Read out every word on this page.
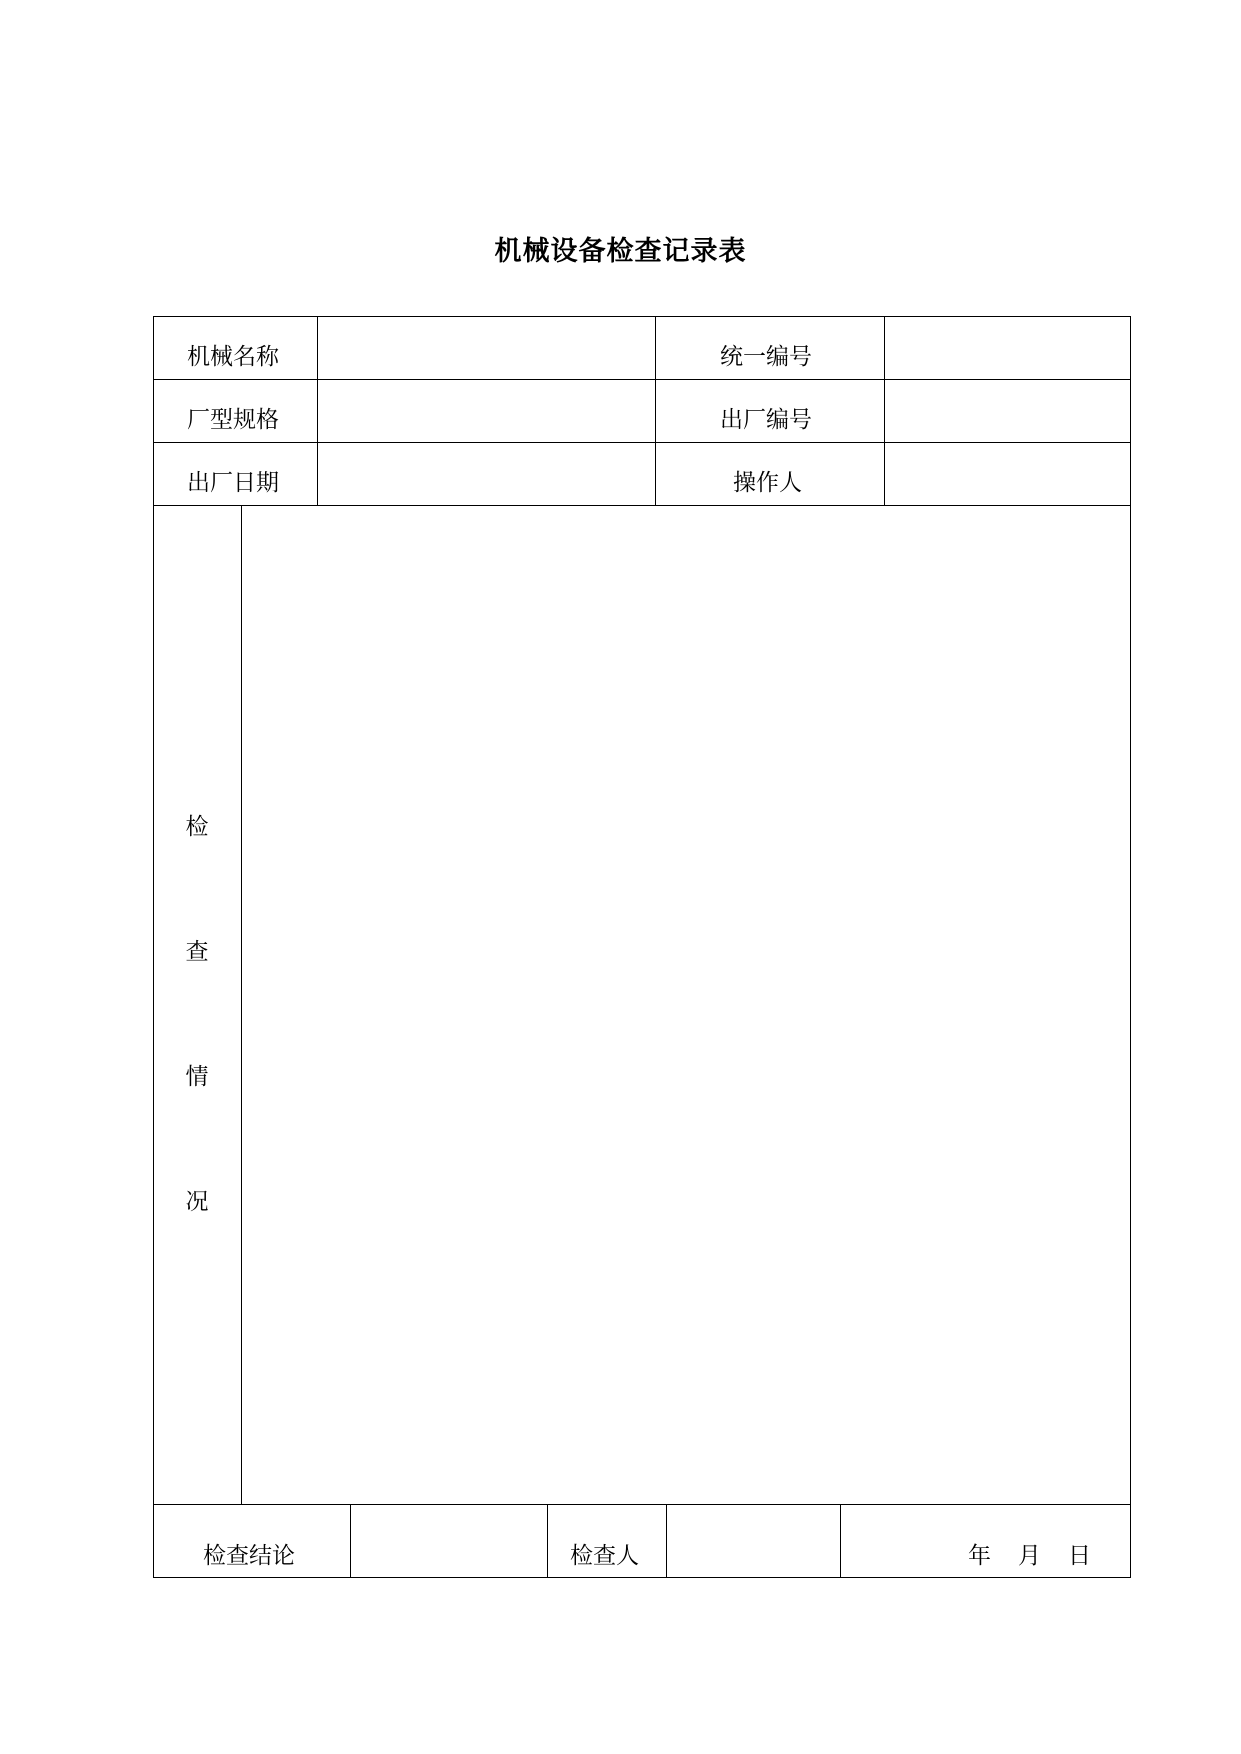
机械设备检查记录表
机械名称	统一编号
厂型规格	出厂编号
出厂日期	操作人
检
查
情
况
检查结论	检查人	年 月 日
